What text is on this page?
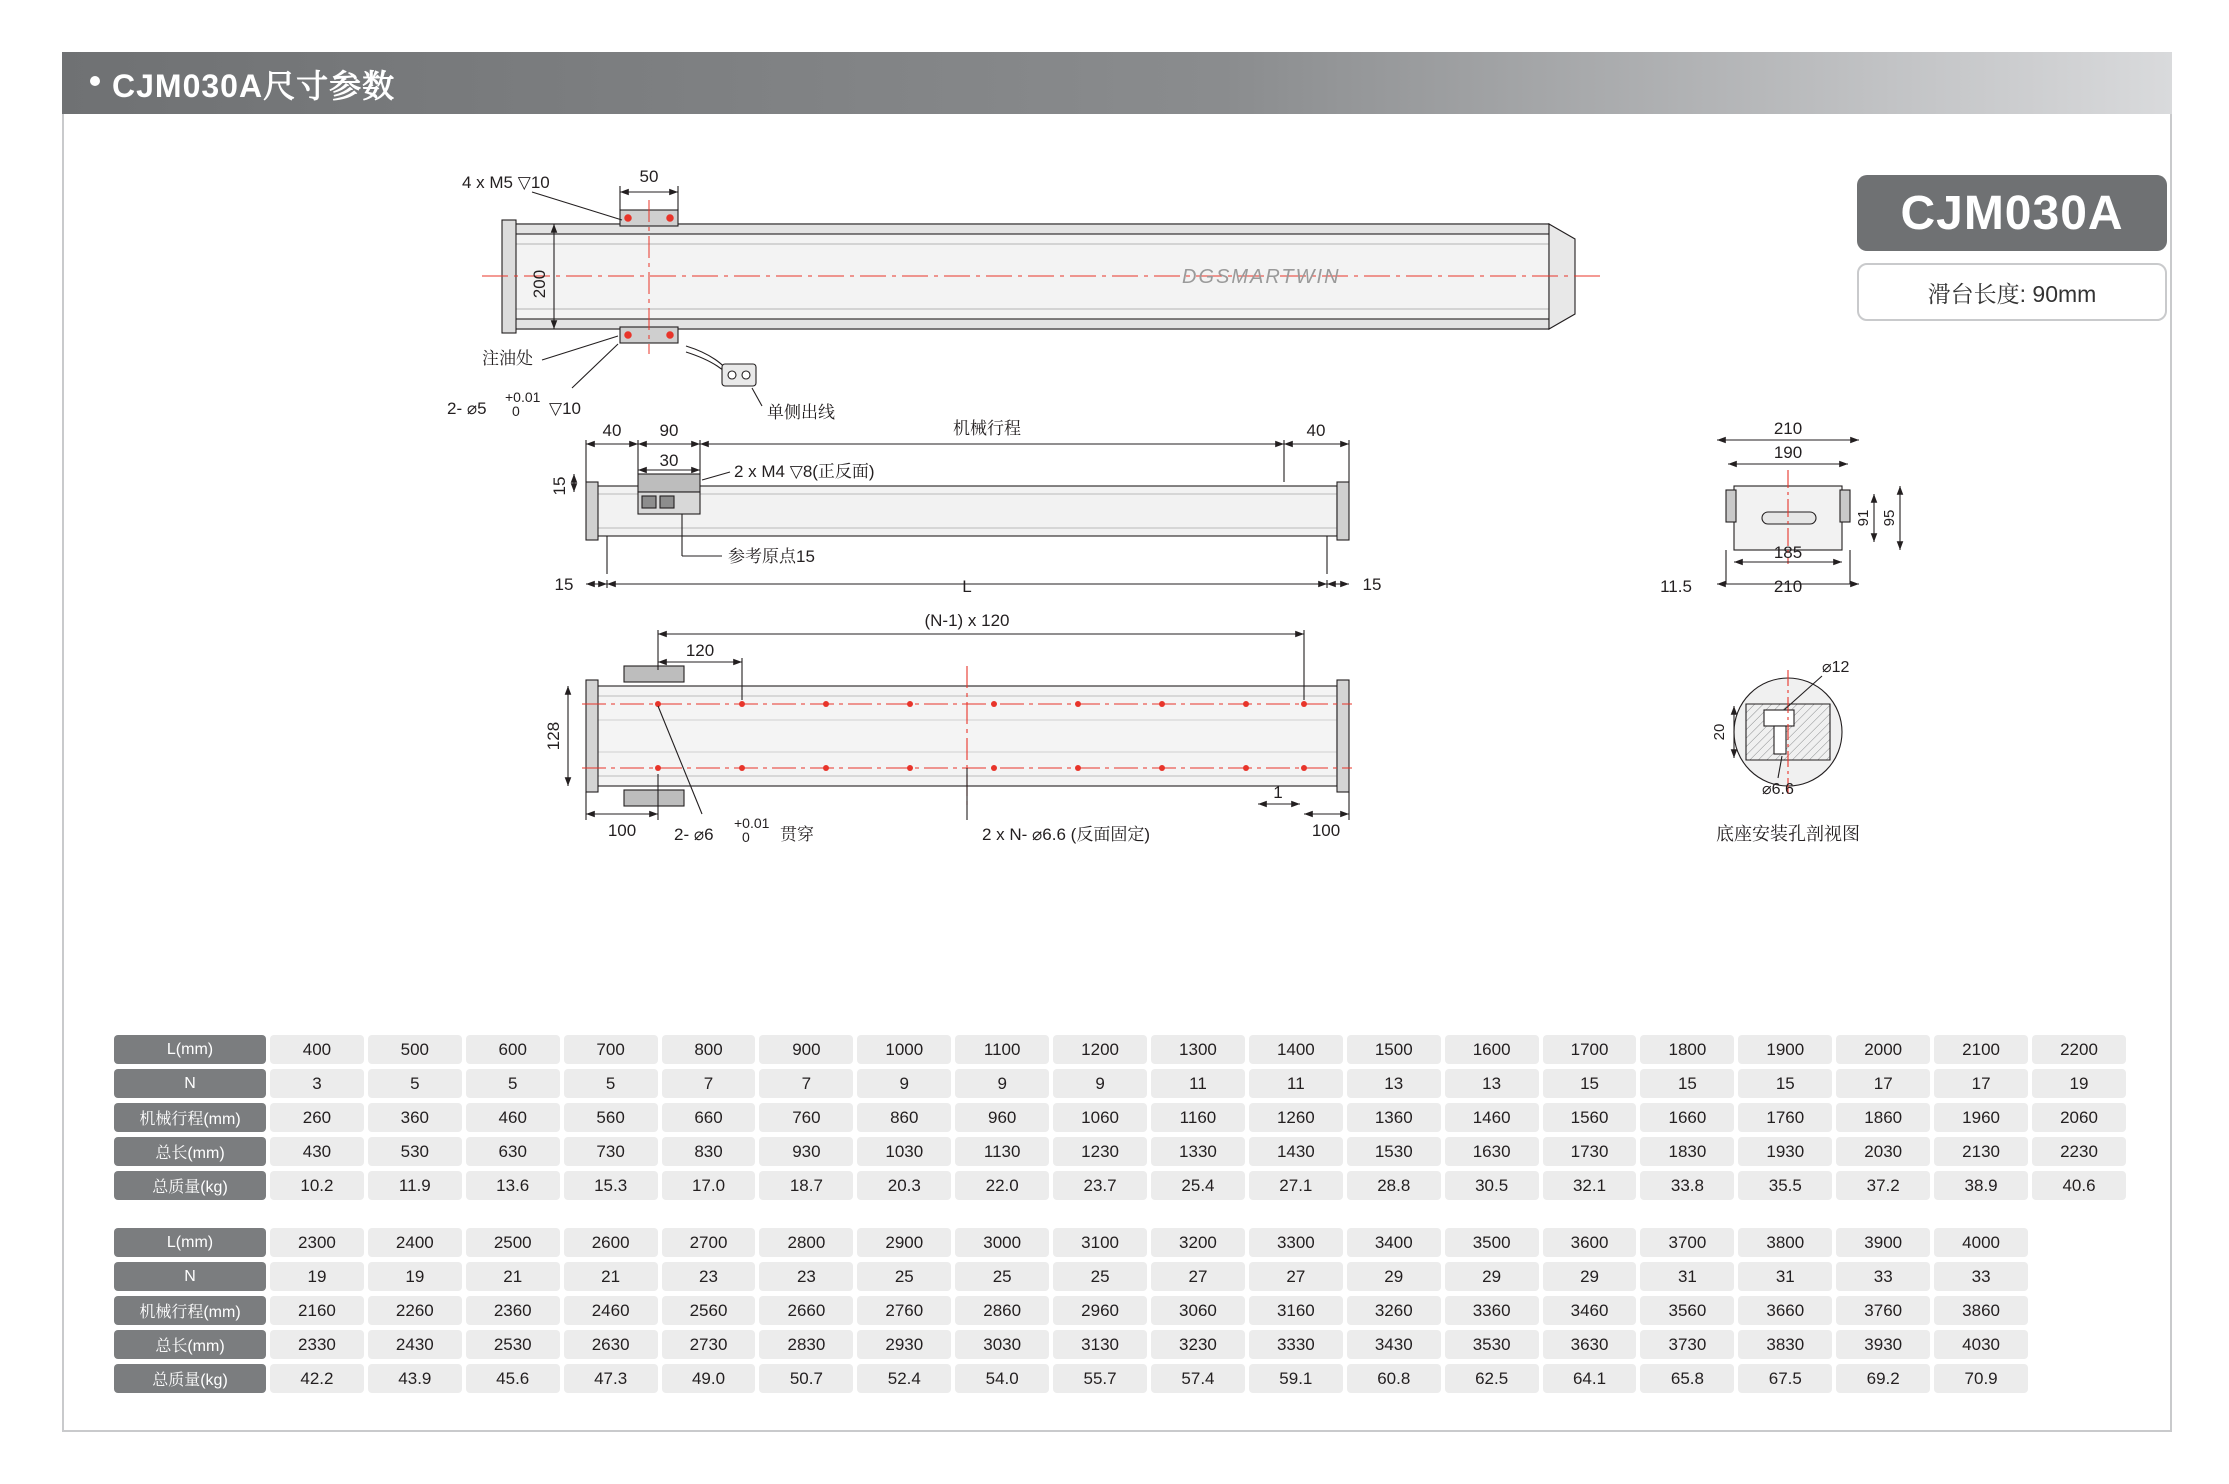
CJM030A尺寸参数
CJM030A
滑台长度: 90mm
DGSMARTWIN
200
50
4 x M5 ▽10
注油处
2- ⌀5
+0.01
0 ▽10	单侧出线
40 90	机械行程	40
30
15
2 x M4 ▽8(正反面)
参考原点15
15	L	15
210
190
91 95
185
210
11.5
(N-1) x 120
120
128
100	100
1
2- ⌀6
+0.01
0 贯穿	2 x N- ⌀6.6 (反面固定)
⌀12
20
⌀6.6
底座安装孔剖视图
L(mm)	400	500	600	700	800	900	1000	1100	1200	1300	1400	1500	1600	1700	1800	1900	2000	2100	2200
N	3	5	5	5	7	7	9	9	9	11	11	13	13	15	15	15	17	17	19
机械行程(mm)	260	360	460	560	660	760	860	960	1060	1160	1260	1360	1460	1560	1660	1760	1860	1960	2060
总长(mm)	430	530	630	730	830	930	1030	1130	1230	1330	1430	1530	1630	1730	1830	1930	2030	2130	2230
总质量(kg)	10.2	11.9	13.6	15.3	17.0	18.7	20.3	22.0	23.7	25.4	27.1	28.8	30.5	32.1	33.8	35.5	37.2	38.9	40.6
L(mm)	2300	2400	2500	2600	2700	2800	2900	3000	3100	3200	3300	3400	3500	3600	3700	3800	3900	4000	
N	19	19	21	21	23	23	25	25	25	27	27	29	29	29	31	31	33	33	
机械行程(mm)	2160	2260	2360	2460	2560	2660	2760	2860	2960	3060	3160	3260	3360	3460	3560	3660	3760	3860	
总长(mm)	2330	2430	2530	2630	2730	2830	2930	3030	3130	3230	3330	3430	3530	3630	3730	3830	3930	4030	
总质量(kg)	42.2	43.9	45.6	47.3	49.0	50.7	52.4	54.0	55.7	57.4	59.1	60.8	62.5	64.1	65.8	67.5	69.2	70.9	
